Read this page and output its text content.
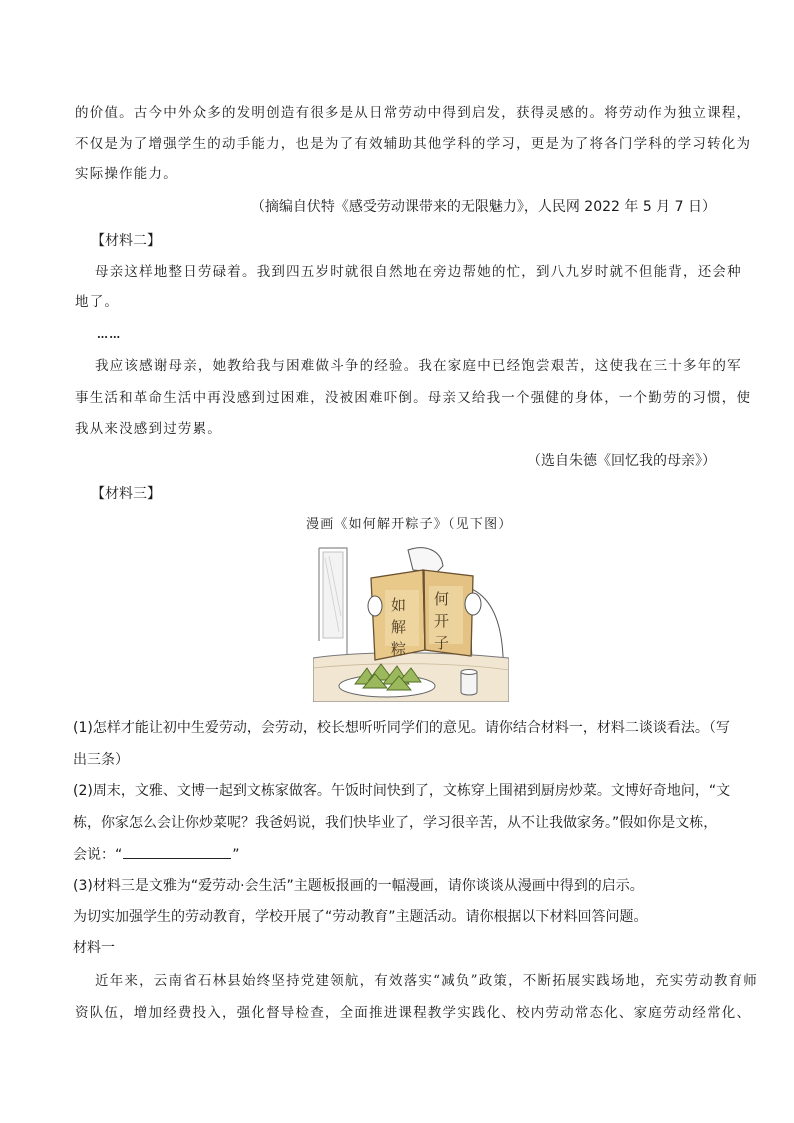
的价值。古今中外众多的发明创造有很多是从日常劳动中得到启发，获得灵感的。将劳动作为独立课程，
不仅是为了增强学生的动手能力，也是为了有效辅助其他学科的学习，更是为了将各门学科的学习转化为
实际操作能力。
（摘编自伏特《感受劳动课带来的无限魅力》，人民网 2022 年 5 月 7 日）
【材料二】
母亲这样地整日劳碌着。我到四五岁时就很自然地在旁边帮她的忙，到八九岁时就不但能背，还会种
地了。
……
我应该感谢母亲，她教给我与困难做斗争的经验。我在家庭中已经饱尝艰苦，这使我在三十多年的军
事生活和革命生活中再没感到过困难，没被困难吓倒。母亲又给我一个强健的身体，一个勤劳的习惯，使
我从来没感到过劳累。
（选自朱德《回忆我的母亲》）
【材料三】
漫画《如何解开粽子》（见下图）
如 何
解 开
粽 子
(1)怎样才能让初中生爱劳动，会劳动，校长想听听同学们的意见。请你结合材料一，材料二谈谈看法。（写
出三条）
(2)周末，文雅、文博一起到文栋家做客。午饭时间快到了，文栋穿上围裙到厨房炒菜。文博好奇地问，“文
栋，你家怎么会让你炒菜呢？我爸妈说，我们快毕业了，学习很辛苦，从不让我做家务。”假如你是文栋，
会说：“	”
(3)材料三是文雅为“爱劳动·会生活”主题板报画的一幅漫画，请你谈谈从漫画中得到的启示。
为切实加强学生的劳动教育，学校开展了“劳动教育”主题活动。请你根据以下材料回答问题。
材料一
近年来，云南省石林县始终坚持党建领航，有效落实“减负”政策，不断拓展实践场地，充实劳动教育师
资队伍，增加经费投入，强化督导检查，全面推进课程教学实践化、校内劳动常态化、家庭劳动经常化、
